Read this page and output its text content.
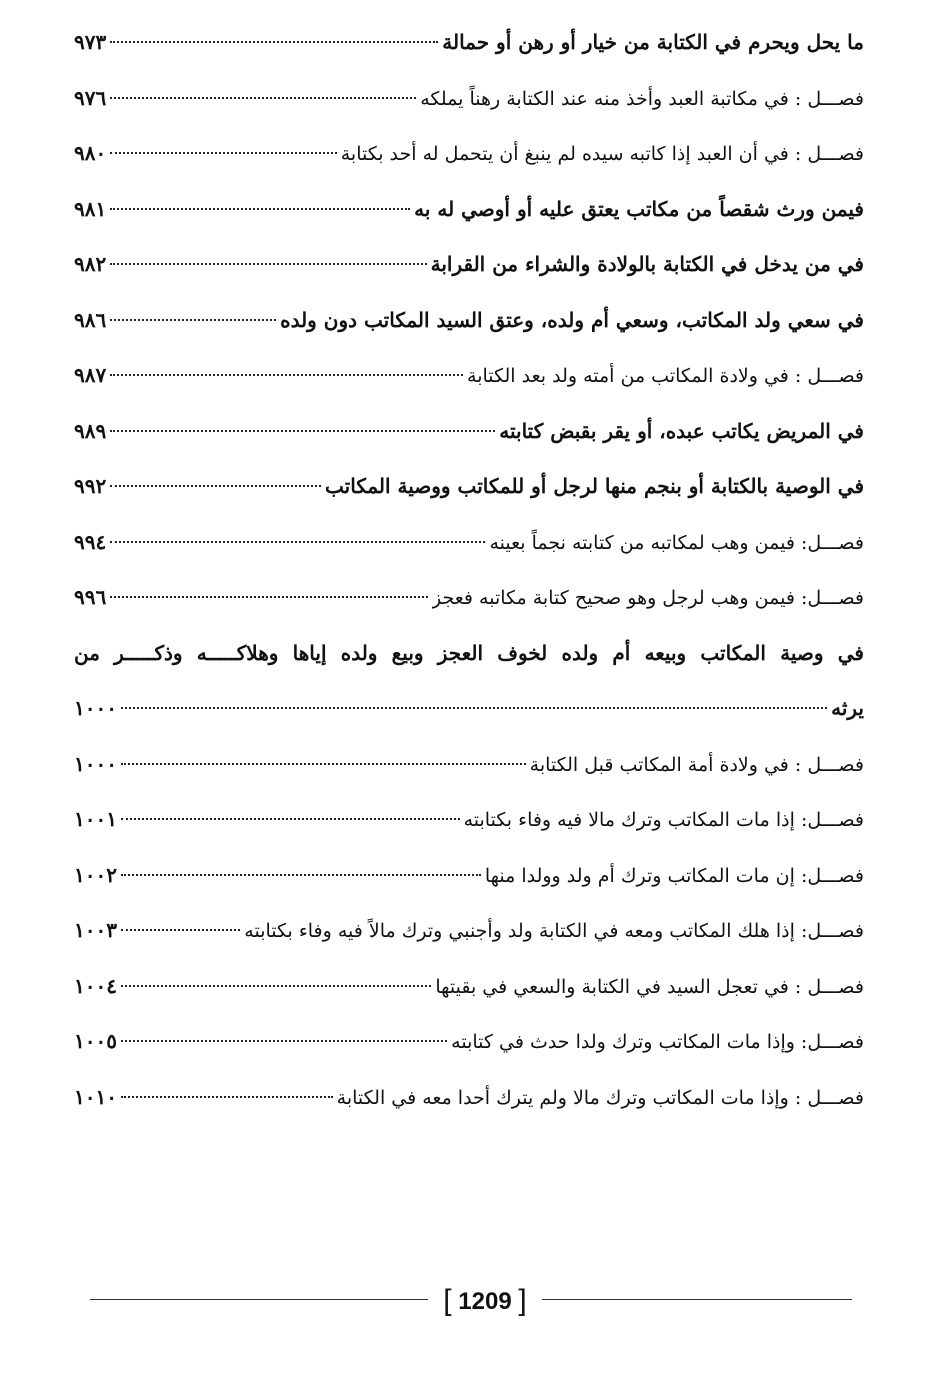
ما يحل ويحرم في الكتابة من خيار أو رهن أو حمالة
٩٧٣
فصـــل : في مكاتبة العبد وأخذ منه عند الكتابة رهناً يملكه
٩٧٦
فصـــل : في أن العبد إذا كاتبه سيده لم ينبغ أن يتحمل له أحد بكتابة
٩٨٠
فيمن ورث شقصاً من مكاتب يعتق عليه أو أوصي له به
٩٨١
في من يدخل في الكتابة بالولادة والشراء من القرابة
٩٨٢
في سعي ولد المكاتب، وسعي أم ولده، وعتق السيد المكاتب دون ولده
٩٨٦
فصـــل : في ولادة المكاتب من أمته ولد بعد الكتابة
٩٨٧
في المريض يكاتب عبده، أو يقر بقبض كتابته
٩٨٩
في الوصية بالكتابة أو بنجم منها لرجل أو للمكاتب ووصية المكاتب
٩٩٢
فصـــل: فيمن وهب لمكاتبه من كتابته نجماً بعينه
٩٩٤
فصـــل: فيمن وهب لرجل وهو صحيح كتابة مكاتبه فعجز
٩٩٦
في وصية المكاتب وبيعه أم ولده لخوف العجز وبيع ولده إياها وهلاكـــــه وذكـــــر من
يرثه
١٠٠٠
فصـــل : في ولادة أمة المكاتب قبل الكتابة
١٠٠٠
فصـــل: إذا مات المكاتب وترك مالا فيه وفاء بكتابته
١٠٠١
فصـــل: إن مات المكاتب وترك أم ولد وولدا منها
١٠٠٢
فصـــل: إذا هلك المكاتب ومعه في الكتابة ولد وأجنبي وترك مالاً فيه وفاء بكتابته
١٠٠٣
فصـــل : في تعجل السيد في الكتابة والسعي في بقيتها
١٠٠٤
فصـــل: وإذا مات المكاتب وترك ولدا حدث في كتابته
١٠٠٥
فصـــل : وإذا مات المكاتب وترك مالا ولم يترك أحدا معه في الكتابة
١٠١٠
[ 1209 ]
